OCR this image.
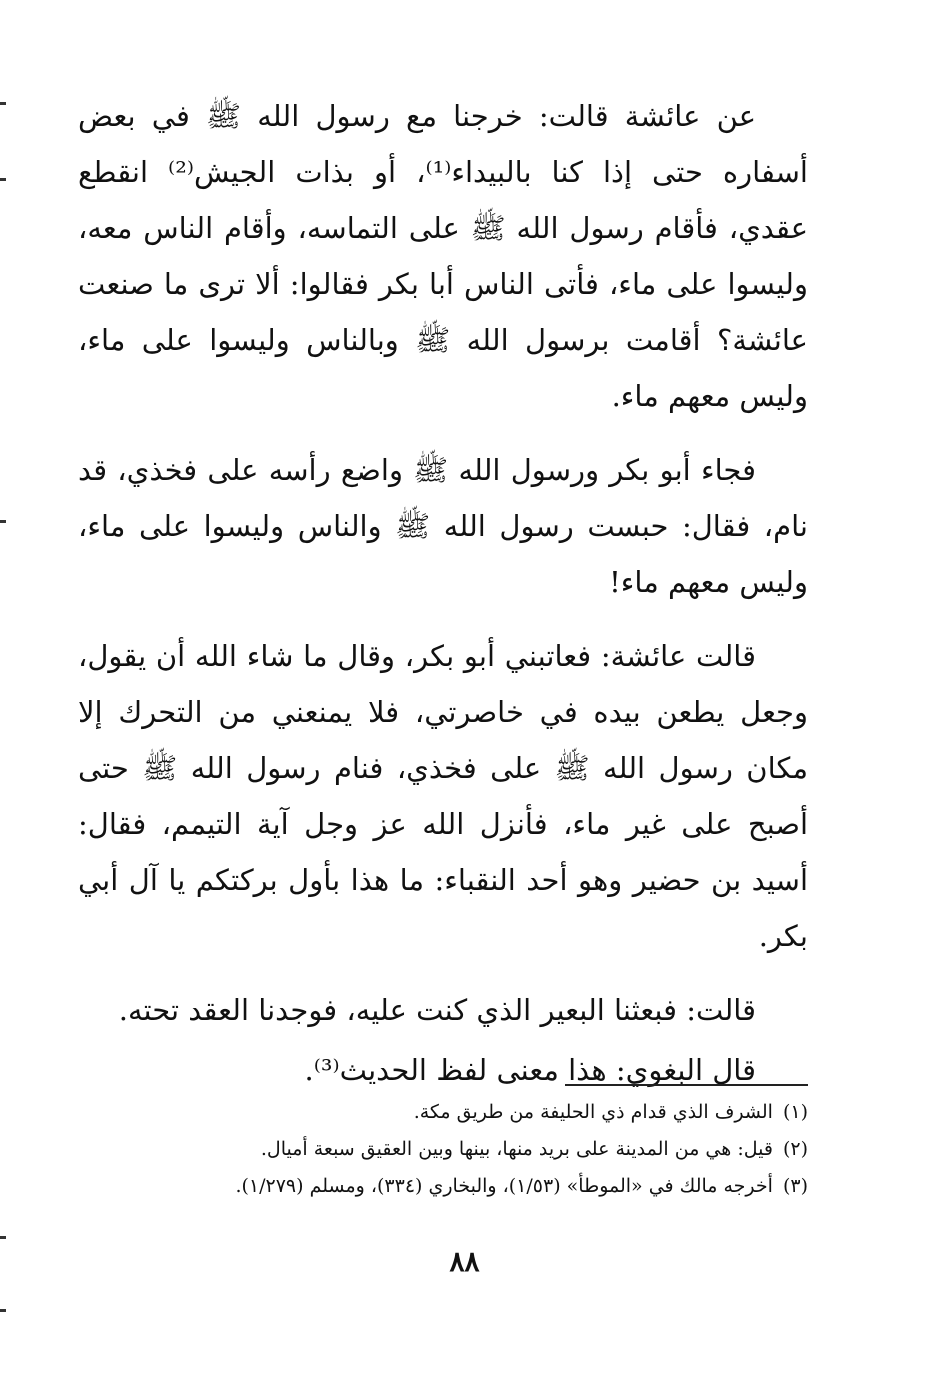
عن عائشة قالت: خرجنا مع رسول الله ﷺ في بعض أسفاره حتى إذا كنا بالبيداء⁽¹⁾، أو بذات الجيش⁽²⁾ انقطع عقدي، فأقام رسول الله ﷺ على التماسه، وأقام الناس معه، وليسوا على ماء، فأتى الناس أبا بكر فقالوا: ألا ترى ما صنعت عائشة؟ أقامت برسول الله ﷺ وبالناس وليسوا على ماء، وليس معهم ماء.

فجاء أبو بكر ورسول الله ﷺ واضع رأسه على فخذي، قد نام، فقال: حبست رسول الله ﷺ والناس وليسوا على ماء، وليس معهم ماء!

قالت عائشة: فعاتبني أبو بكر، وقال ما شاء الله أن يقول، وجعل يطعن بيده في خاصرتي، فلا يمنعني من التحرك إلا مكان رسول الله ﷺ على فخذي، فنام رسول الله ﷺ حتى أصبح على غير ماء، فأنزل الله عز وجل آية التيمم، فقال: أسيد بن حضير وهو أحد النقباء: ما هذا بأول بركتكم يا آل أبي بكر.

قالت: فبعثنا البعير الذي كنت عليه، فوجدنا العقد تحته.

قال البغوي: هذا معنى لفظ الحديث⁽³⁾.

(١)الشرف الذي قدام ذي الحليفة من طريق مكة.

(٢)قيل: هي من المدينة على بريد منها، بينها وبين العقيق سبعة أميال.

(٣)أخرجه مالك في «الموطأ» (١/٥٣)، والبخاري (٣٣٤)، ومسلم (١/٢٧٩).

٨٨
